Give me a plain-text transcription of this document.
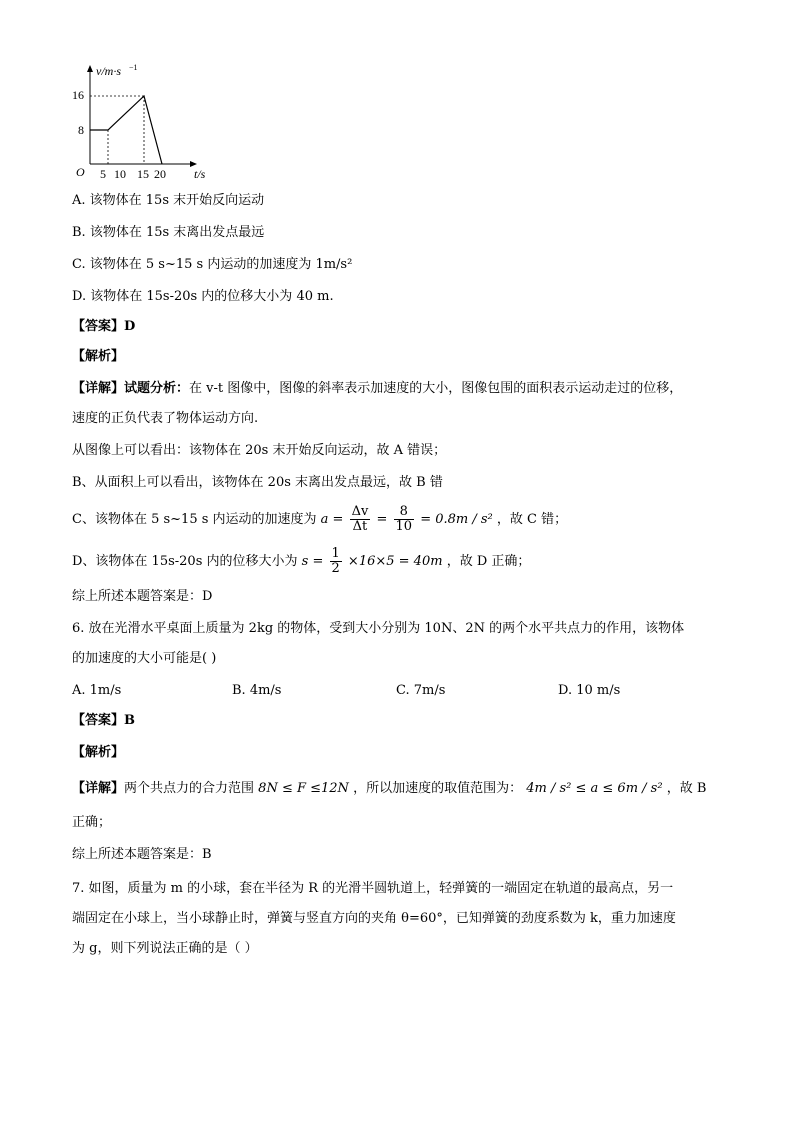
v/m·s −1
t/s
O
16
8
5 10 15 20
A. 该物体在 15s 末开始反向运动
B. 该物体在 15s 末离出发点最远
C. 该物体在 5 s~15 s 内运动的加速度为 1m/s²
D. 该物体在 15s-20s 内的位移大小为 40 m.
【答案】D
【解析】
【详解】试题分析：在 v-t 图像中，图像的斜率表示加速度的大小，图像包围的面积表示运动走过的位移，
速度的正负代表了物体运动方向.
从图像上可以看出：该物体在 20s 末开始反向运动，故 A 错误；
B、从面积上可以看出，该物体在 20s 末离出发点最远，故 B 错
C、该物体在 5 s~15 s 内运动的加速度为 $a = \frac{\Delta v}{\Delta t} = \frac{8}{10} = 0.8m / s^2$ ，故 C 错；
D、该物体在 15s-20s 内的位移大小为 $s = \frac{1}{2} \times 16\times 5 = 40m$ ，故 D 正确；
综上所述本题答案是：D
6. 放在光滑水平桌面上质量为 2kg 的物体，受到大小分别为 10N、2N 的两个水平共点力的作用，该物体
的加速度的大小可能是( )
A. 1m/s	B. 4m/s	C. 7m/s	D. 10 m/s
【答案】B
【解析】
【详解】两个共点力的合力范围 8N ≤ F ≤12N ，所以加速度的取值范围为： 4m / s² ≤ a ≤ 6m / s² ，故 B
正确；
综上所述本题答案是：B
7. 如图，质量为 m 的小球，套在半径为 R 的光滑半圆轨道上，轻弹簧的一端固定在轨道的最高点，另一
端固定在小球上，当小球静止时，弹簧与竖直方向的夹角 θ=60°，已知弹簧的劲度系数为 k，重力加速度
为 g，则下列说法正确的是（ ）
